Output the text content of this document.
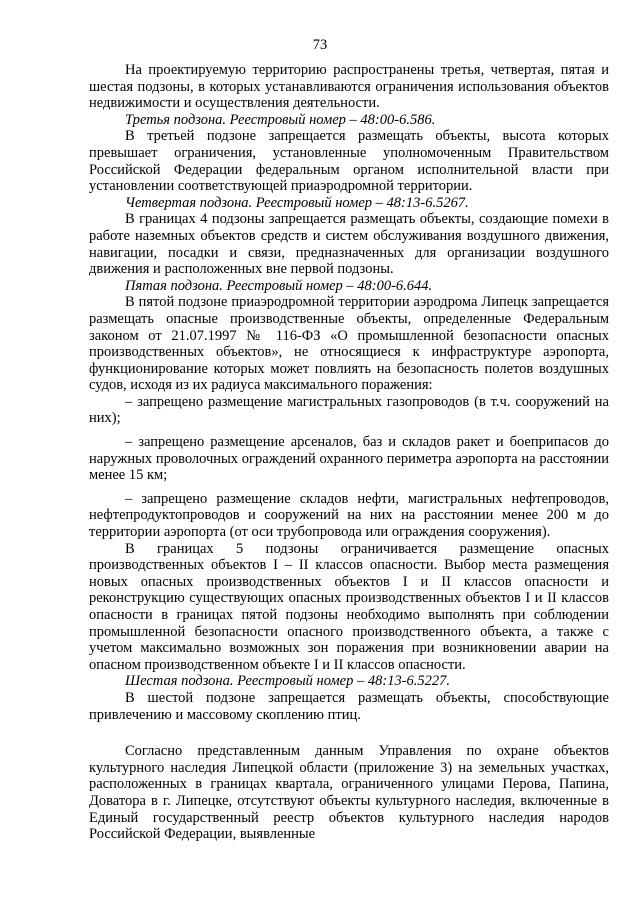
73

На проектируемую территорию распространены третья, четвертая, пятая и шестая подзоны, в которых устанавливаются ограничения использования объектов недвижимости и осуществления деятельности.

Третья подзона. Реестровый номер – 48:00-6.586.

В третьей подзоне запрещается размещать объекты, высота которых превышает ограничения, установленные уполномоченным Правительством Российской Федерации федеральным органом исполнительной власти при установлении соответствующей приаэродромной территории.

Четвертая подзона. Реестровый номер – 48:13-6.5267.

В границах 4 подзоны запрещается размещать объекты, создающие помехи в работе наземных объектов средств и систем обслуживания воздушного движения, навигации, посадки и связи, предназначенных для организации воздушного движения и расположенных вне первой подзоны.

Пятая подзона. Реестровый номер – 48:00-6.644.

В пятой подзоне приаэродромной территории аэродрома Липецк запрещается размещать опасные производственные объекты, определенные Федеральным законом от 21.07.1997 № 116-ФЗ «О промышленной безопасности опасных производственных объектов», не относящиеся к инфраструктуре аэропорта, функционирование которых может повлиять на безопасность полетов воздушных судов, исходя из их радиуса максимального поражения:

– запрещено размещение магистральных газопроводов (в т.ч. сооружений на них);

– запрещено размещение арсеналов, баз и складов ракет и боеприпасов до наружных проволочных ограждений охранного периметра аэропорта на расстоянии менее 15 км;

– запрещено размещение складов нефти, магистральных нефтепроводов, нефтепродуктопроводов и сооружений на них на расстоянии менее 200 м до территории аэропорта (от оси трубопровода или ограждения сооружения).

В границах 5 подзоны ограничивается размещение опасных производственных объектов I – II классов опасности. Выбор места размещения новых опасных производственных объектов I и II классов опасности и реконструкцию существующих опасных производственных объектов I и II классов опасности в границах пятой подзоны необходимо выполнять при соблюдении промышленной безопасности опасного производственного объекта, а также с учетом максимально возможных зон поражения при возникновении аварии на опасном производственном объекте I и II классов опасности.

Шестая подзона. Реестровый номер – 48:13-6.5227.

В шестой подзоне запрещается размещать объекты, способствующие привлечению и массовому скоплению птиц.

Согласно представленным данным Управления по охране объектов культурного наследия Липецкой области (приложение 3) на земельных участках, расположенных в границах квартала, ограниченного улицами Перова, Папина, Доватора в г. Липецке, отсутствуют объекты культурного наследия, включенные в Единый государственный реестр объектов культурного наследия народов Российской Федерации, выявленные
